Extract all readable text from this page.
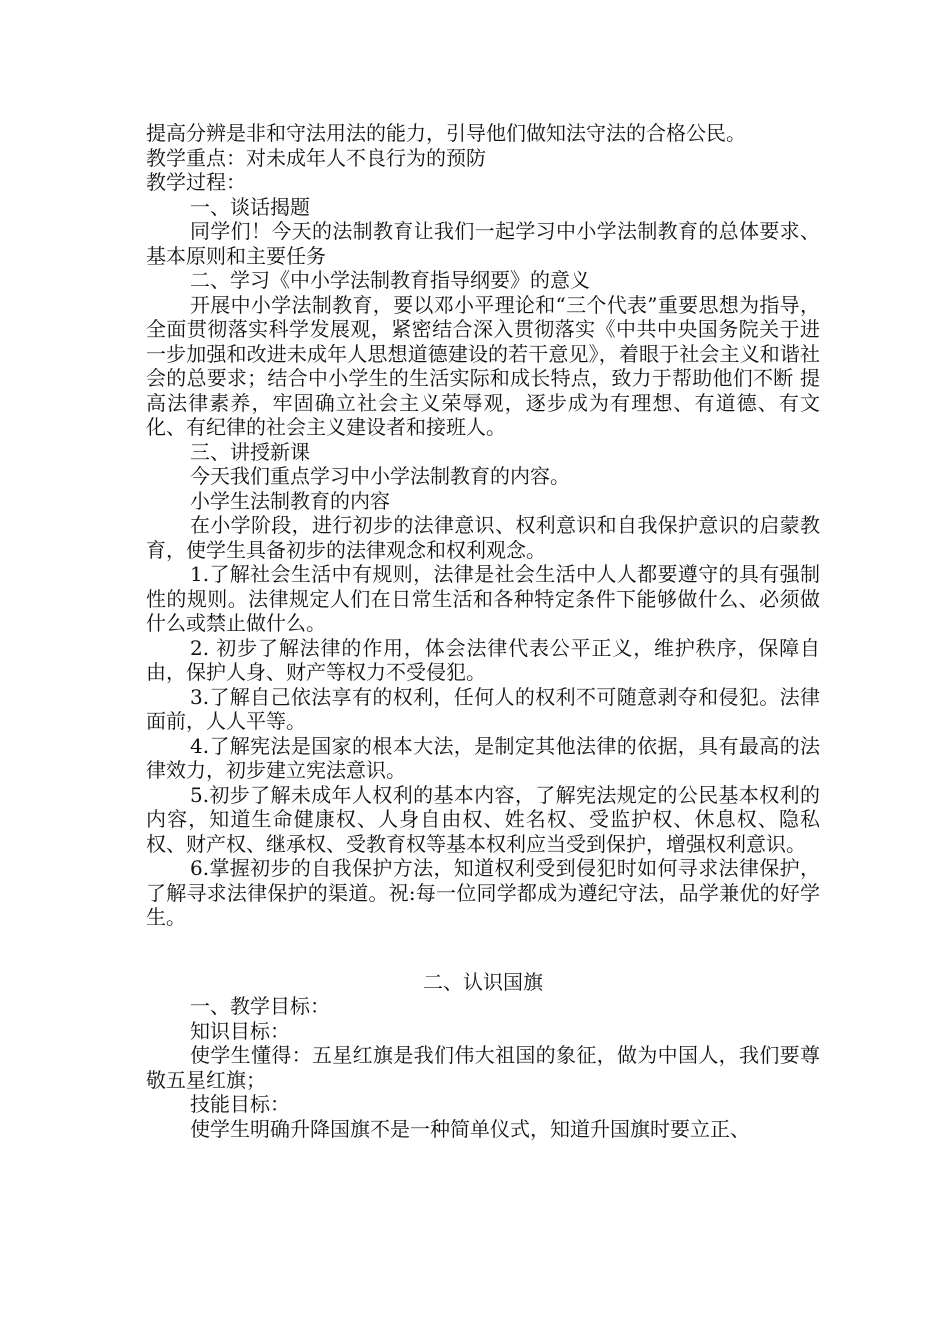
提高分辨是非和守法用法的能力，引导他们做知法守法的合格公民。

教学重点：对未成年人不良行为的预防

教学过程：

一、谈话揭题

同学们！今天的法制教育让我们一起学习中小学法制教育的总体要求、基本原则和主要任务

二、学习《中小学法制教育指导纲要》的意义

开展中小学法制教育，要以邓小平理论和“三个代表”重要思想为指导，全面贯彻落实科学发展观，紧密结合深入贯彻落实《中共中央国务院关于进一步加强和改进未成年人思想道德建设的若干意见》，着眼于社会主义和谐社会的总要求；结合中小学生的生活实际和成长特点，致力于帮助他们不断 提高法律素养，牢固确立社会主义荣辱观，逐步成为有理想、有道德、有文化、有纪律的社会主义建设者和接班人。

三、讲授新课

今天我们重点学习中小学法制教育的内容。

小学生法制教育的内容

在小学阶段，进行初步的法律意识、权利意识和自我保护意识的启蒙教育，使学生具备初步的法律观念和权利观念。

1.了解社会生活中有规则，法律是社会生活中人人都要遵守的具有强制性的规则。法律规定人们在日常生活和各种特定条件下能够做什么、必须做什么或禁止做什么。

2. 初步了解法律的作用，体会法律代表公平正义，维护秩序，保障自由，保护人身、财产等权力不受侵犯。

3.了解自己依法享有的权利，任何人的权利不可随意剥夺和侵犯。法律面前，人人平等。

4.了解宪法是国家的根本大法，是制定其他法律的依据，具有最高的法律效力，初步建立宪法意识。

5.初步了解未成年人权利的基本内容，了解宪法规定的公民基本权利的内容，知道生命健康权、人身自由权、姓名权、受监护权、休息权、隐私权、财产权、继承权、受教育权等基本权利应当受到保护，增强权利意识。

6.掌握初步的自我保护方法，知道权利受到侵犯时如何寻求法律保护，了解寻求法律保护的渠道。祝:每一位同学都成为遵纪守法，品学兼优的好学生。

二、认识国旗

一、教学目标：

知识目标：

使学生懂得：五星红旗是我们伟大祖国的象征，做为中国人，我们要尊敬五星红旗；

技能目标：

使学生明确升降国旗不是一种简单仪式，知道升国旗时要立正、
